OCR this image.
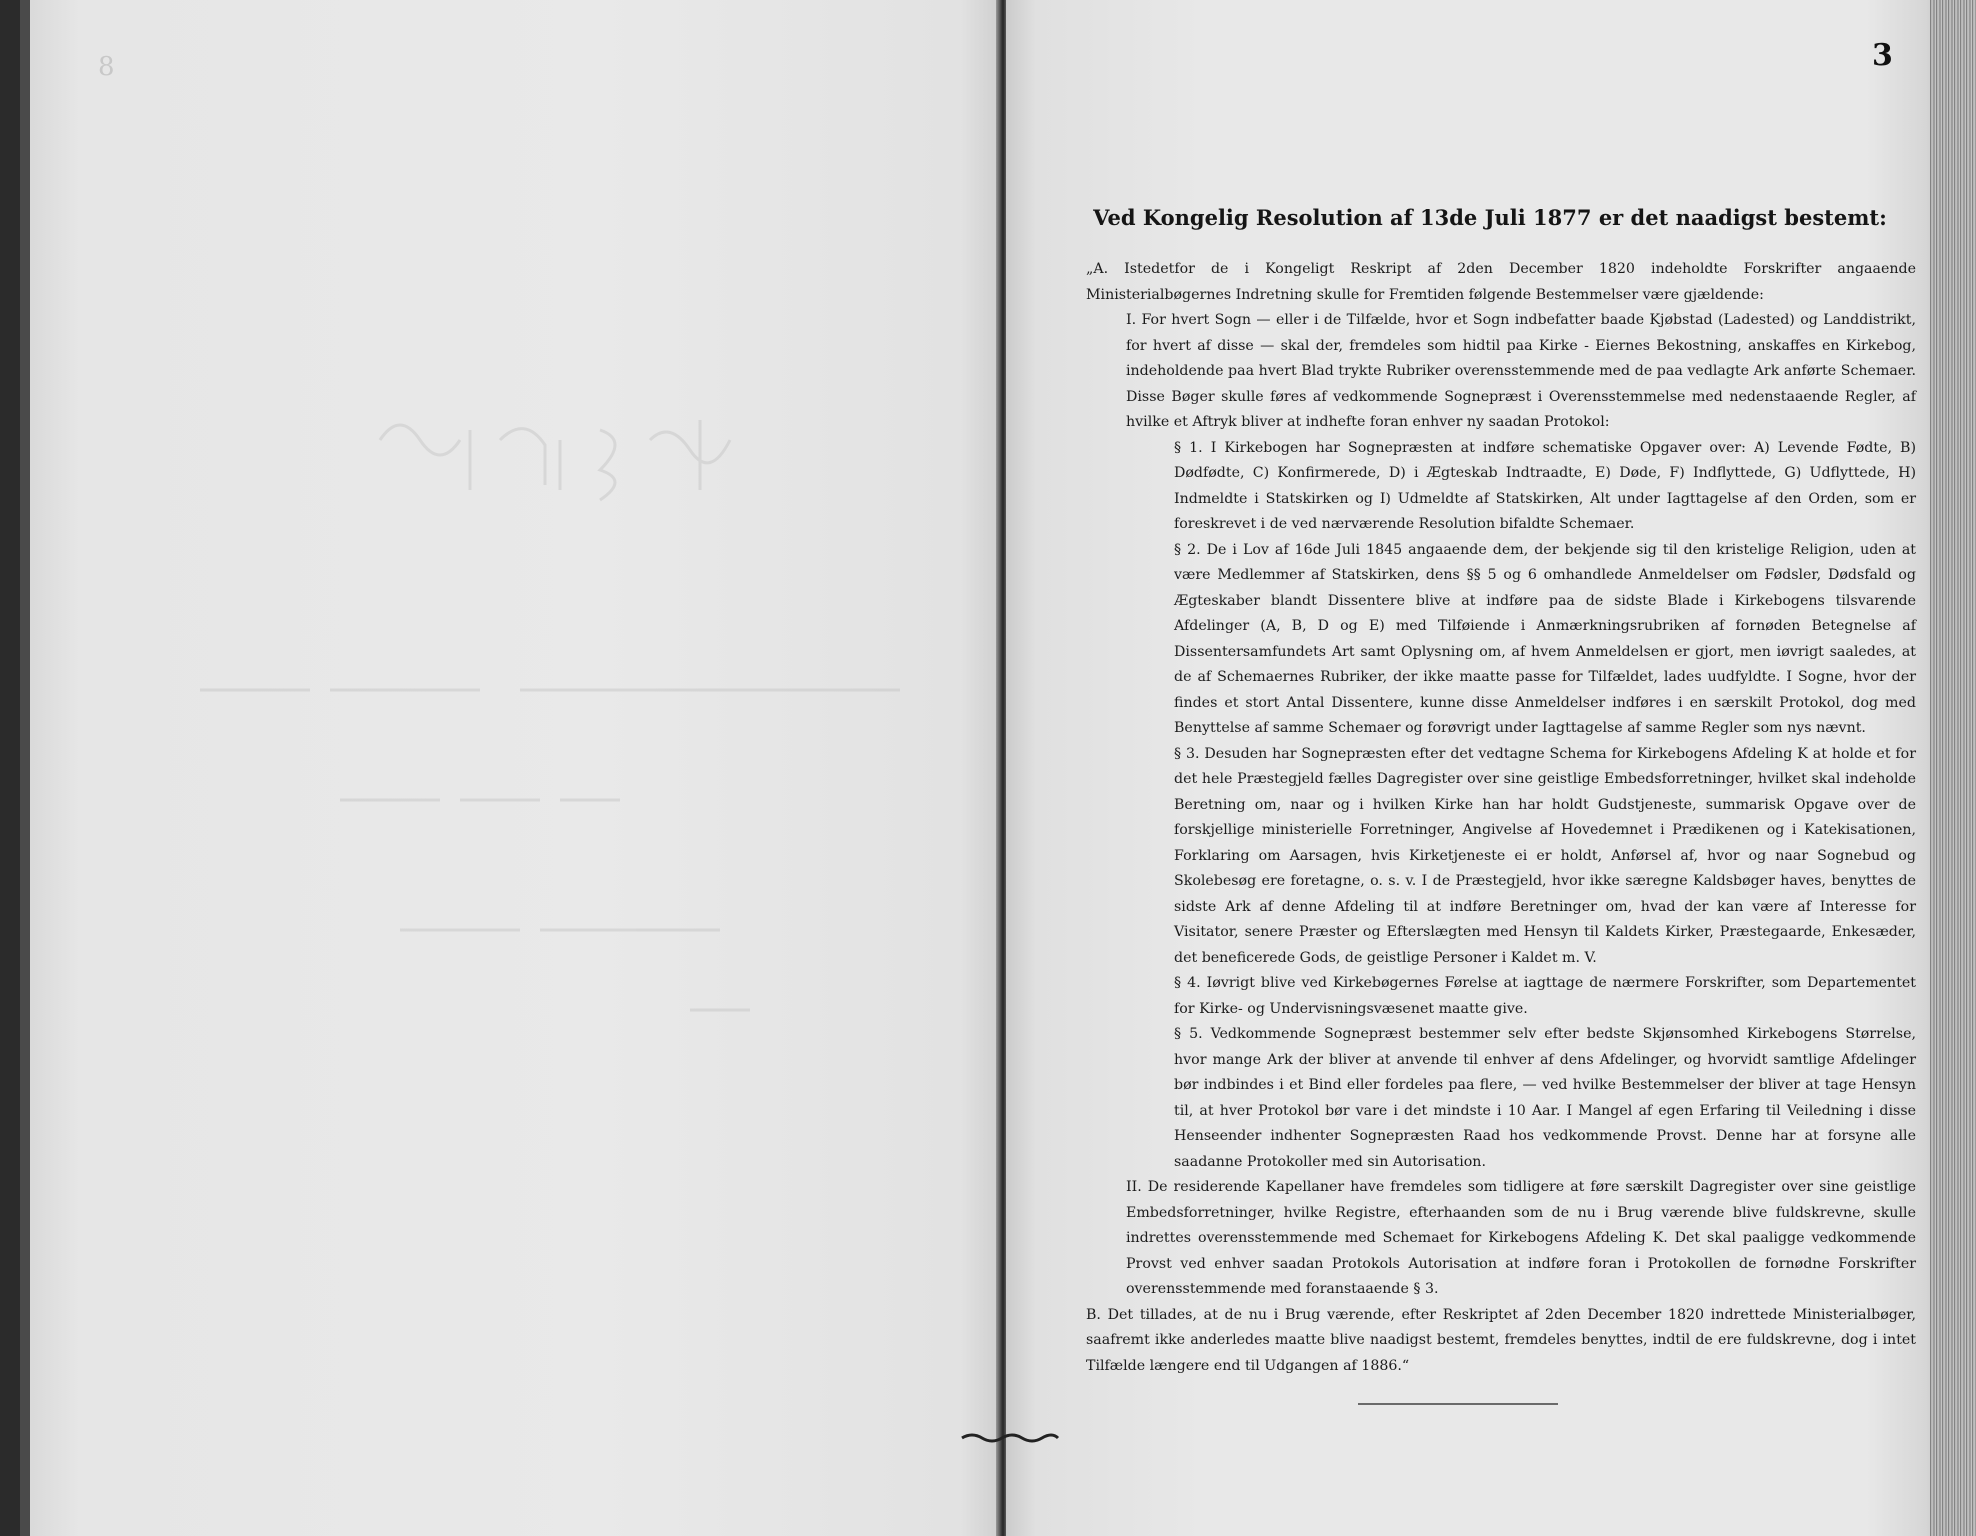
8	3
Ved Kongelig Resolution af 13de Juli 1877 er det naadigst bestemt:
„A. Istedetfor de i Kongeligt Reskript af 2den December 1820 indeholdte Forskrifter angaaende Ministerialbøgernes Indretning skulle for Fremtiden følgende Bestemmelser være gjældende:
I. For hvert Sogn — eller i de Tilfælde, hvor et Sogn indbefatter baade Kjøbstad (Ladested) og Landdistrikt, for hvert af disse — skal der, fremdeles som hidtil paa Kirke - Eiernes Bekostning, anskaffes en Kirkebog, indeholdende paa hvert Blad trykte Rubriker overensstemmende med de paa vedlagte Ark anførte Schemaer. Disse Bøger skulle føres af vedkommende Sognepræst i Overensstemmelse med nedenstaaende Regler, af hvilke et Aftryk bliver at indhefte foran enhver ny saadan Protokol:
§ 1. I Kirkebogen har Sognepræsten at indføre schematiske Opgaver over: A) Levende Fødte, B) Dødfødte, C) Konfirmerede, D) i Ægteskab Indtraadte, E) Døde, F) Indflyttede, G) Udflyttede, H) Indmeldte i Statskirken og I) Udmeldte af Statskirken, Alt under Iagttagelse af den Orden, som er foreskrevet i de ved nærværende Resolution bifaldte Schemaer.
§ 2. De i Lov af 16de Juli 1845 angaaende dem, der bekjende sig til den kristelige Religion, uden at være Medlemmer af Statskirken, dens §§ 5 og 6 omhandlede Anmeldelser om Fødsler, Dødsfald og Ægteskaber blandt Dissentere blive at indføre paa de sidste Blade i Kirkebogens tilsvarende Afdelinger (A, B, D og E) med Tilføiende i Anmærkningsrubriken af fornøden Betegnelse af Dissentersamfundets Art samt Oplysning om, af hvem Anmeldelsen er gjort, men iøvrigt saaledes, at de af Schemaernes Rubriker, der ikke maatte passe for Tilfældet, lades uudfyldte. I Sogne, hvor der findes et stort Antal Dissentere, kunne disse Anmeldelser indføres i en særskilt Protokol, dog med Benyttelse af samme Schemaer og forøvrigt under Iagttagelse af samme Regler som nys nævnt.
§ 3. Desuden har Sognepræsten efter det vedtagne Schema for Kirkebogens Afdeling K at holde et for det hele Præstegjeld fælles Dagregister over sine geistlige Embedsforretninger, hvilket skal indeholde Beretning om, naar og i hvilken Kirke han har holdt Gudstjeneste, summarisk Opgave over de forskjellige ministerielle Forretninger, Angivelse af Hovedemnet i Prædikenen og i Katekisationen, Forklaring om Aarsagen, hvis Kirketjeneste ei er holdt, Anførsel af, hvor og naar Sognebud og Skolebesøg ere foretagne, o. s. v. I de Præstegjeld, hvor ikke særegne Kaldsbøger haves, benyttes de sidste Ark af denne Afdeling til at indføre Beretninger om, hvad der kan være af Interesse for Visitator, senere Præster og Efterslægten med Hensyn til Kaldets Kirker, Præstegaarde, Enkesæder, det beneficerede Gods, de geistlige Personer i Kaldet m. V.
§ 4. Iøvrigt blive ved Kirkebøgernes Førelse at iagttage de nærmere Forskrifter, som Departementet for Kirke- og Undervisningsvæsenet maatte give.
§ 5. Vedkommende Sognepræst bestemmer selv efter bedste Skjønsomhed Kirkebogens Størrelse, hvor mange Ark der bliver at anvende til enhver af dens Afdelinger, og hvorvidt samtlige Afdelinger bør indbindes i et Bind eller fordeles paa flere, — ved hvilke Bestemmelser der bliver at tage Hensyn til, at hver Protokol bør vare i det mindste i 10 Aar. I Mangel af egen Erfaring til Veiledning i disse Henseender indhenter Sognepræsten Raad hos vedkommende Provst. Denne har at forsyne alle saadanne Protokoller med sin Autorisation.
II. De residerende Kapellaner have fremdeles som tidligere at føre særskilt Dagregister over sine geistlige Embedsforretninger, hvilke Registre, efterhaanden som de nu i Brug værende blive fuldskrevne, skulle indrettes overensstemmende med Schemaet for Kirkebogens Afdeling K. Det skal paaligge vedkommende Provst ved enhver saadan Protokols Autorisation at indføre foran i Protokollen de fornødne Forskrifter overensstemmende med foranstaaende § 3.
B. Det tillades, at de nu i Brug værende, efter Reskriptet af 2den December 1820 indrettede Ministerialbøger, saafremt ikke anderledes maatte blive naadigst bestemt, fremdeles benyttes, indtil de ere fuldskrevne, dog i intet Tilfælde længere end til Udgangen af 1886.“
